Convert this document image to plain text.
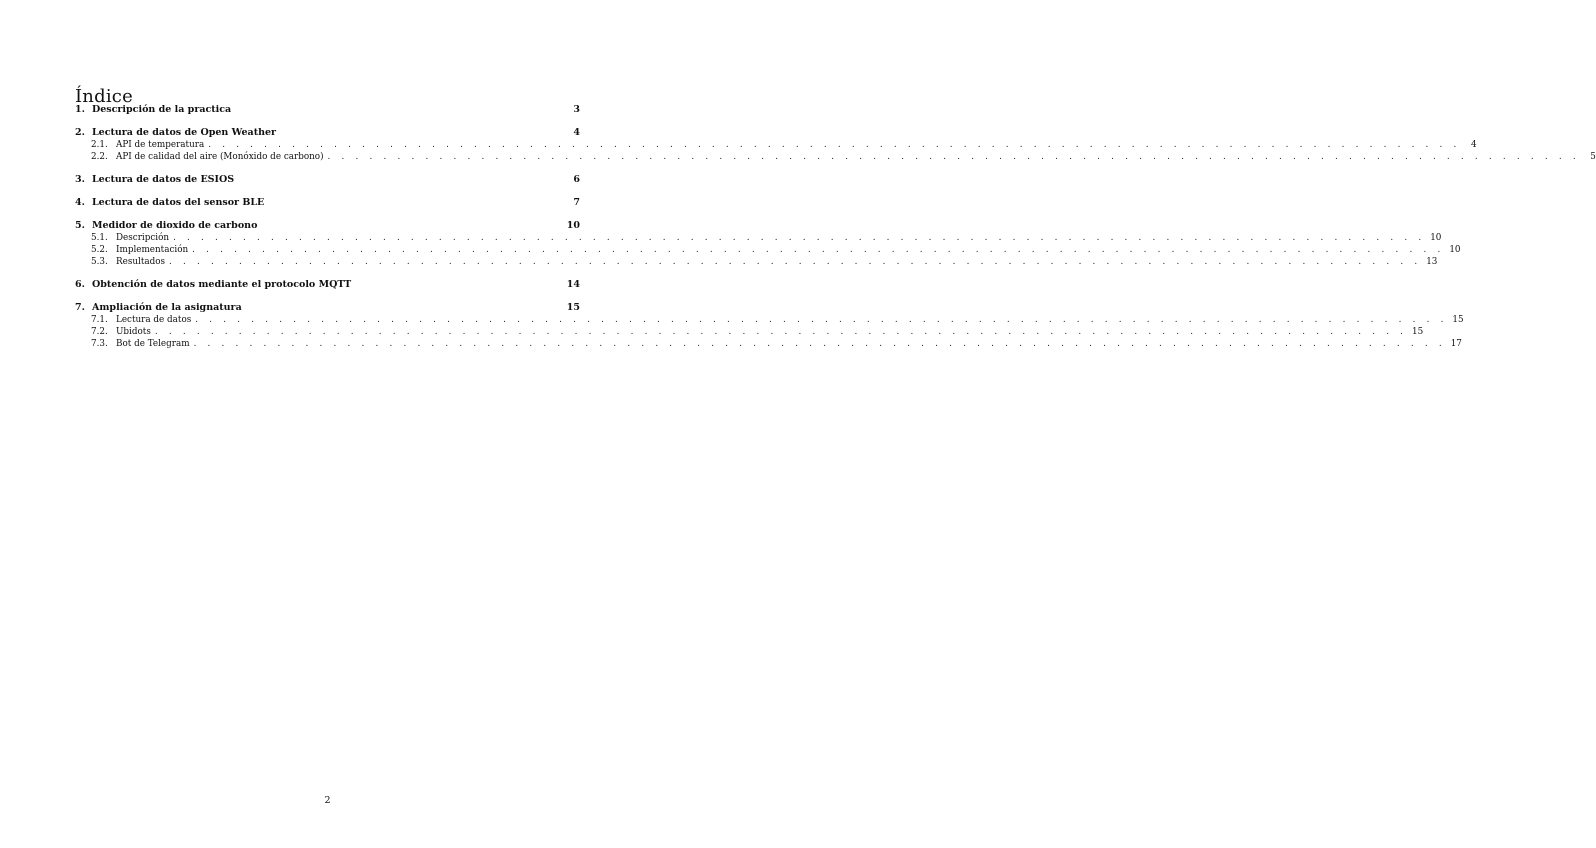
Índice
1. Descripción de la practica	3
2. Lectura de datos de Open Weather	4
2.1. API de temperatura . . . . . . . . . . . . . . . . . . . . . . . . . . . . . . . . . . . . . . . . . . . . . . . . . . . . . . . . . . . . . . . . . . . . . . . . . . . . . . . . . . . . . . . . . .	4
2.2. API de calidad del aire (Monóxido de carbono) . . . . . . . . . . . . . . . . . . . . . . . . . . . . . . . . . . . . . . . . . . . . . . . . . . . . . . . . . . . . . . . . . . . . . . . . . . . . . . . . . . . . . . . . . .	5
3. Lectura de datos de ESIOS	6
4. Lectura de datos del sensor BLE	7
5. Medidor de dioxido de carbono	10
5.1. Descripción . . . . . . . . . . . . . . . . . . . . . . . . . . . . . . . . . . . . . . . . . . . . . . . . . . . . . . . . . . . . . . . . . . . . . . . . . . . . . . . . . . . . . . . . . . 10
5.2. Implementación . . . . . . . . . . . . . . . . . . . . . . . . . . . . . . . . . . . . . . . . . . . . . . . . . . . . . . . . . . . . . . . . . . . . . . . . . . . . . . . . . . . . . . . . . . 10
5.3. Resultados . . . . . . . . . . . . . . . . . . . . . . . . . . . . . . . . . . . . . . . . . . . . . . . . . . . . . . . . . . . . . . . . . . . . . . . . . . . . . . . . . . . . . . . . . . 13
6. Obtención de datos mediante el protocolo MQTT	14
7. Ampliación de la asignatura	15
7.1. Lectura de datos . . . . . . . . . . . . . . . . . . . . . . . . . . . . . . . . . . . . . . . . . . . . . . . . . . . . . . . . . . . . . . . . . . . . . . . . . . . . . . . . . . . . . . . . . . 15
7.2. Ubidots . . . . . . . . . . . . . . . . . . . . . . . . . . . . . . . . . . . . . . . . . . . . . . . . . . . . . . . . . . . . . . . . . . . . . . . . . . . . . . . . . . . . . . . . . . 15
7.3. Bot de Telegram . . . . . . . . . . . . . . . . . . . . . . . . . . . . . . . . . . . . . . . . . . . . . . . . . . . . . . . . . . . . . . . . . . . . . . . . . . . . . . . . . . . . . . . . . . 17
2
